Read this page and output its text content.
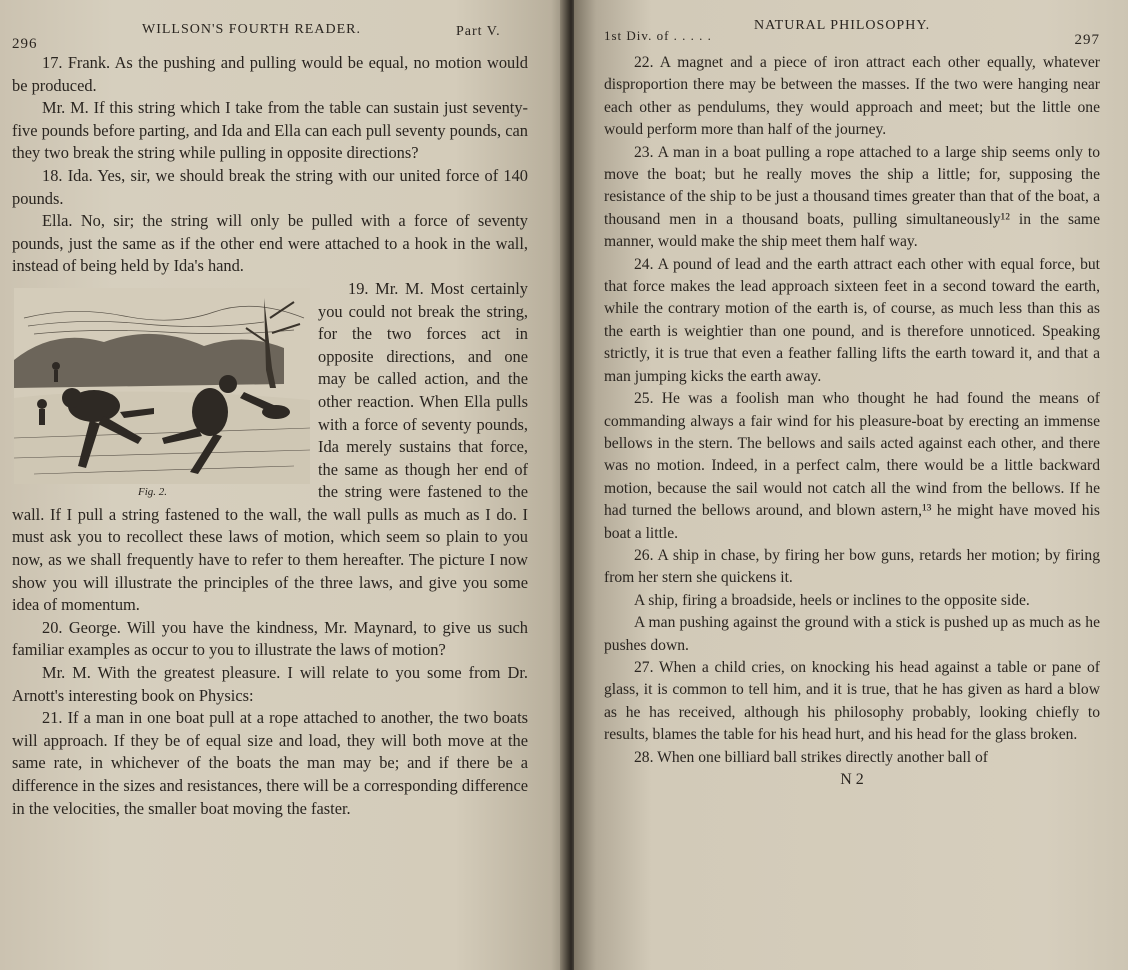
296
WILLSON'S FOURTH READER.	Part V.

17. Frank. As the pushing and pulling would be equal, no motion would be produced.

Mr. M. If this string which I take from the table can sustain just seventy-five pounds before parting, and Ida and Ella can each pull seventy pounds, can they two break the string while pulling in opposite directions?

18. Ida. Yes, sir, we should break the string with our united force of 140 pounds.

Ella. No, sir; the string will only be pulled with a force of seventy pounds, just the same as if the other end were attached to a hook in the wall, instead of being held by Ida's hand.

Fig. 2.

19. Mr. M. Most certainly you could not break the string, for the two forces act in opposite directions, and one may be called action, and the other reaction. When Ella pulls with a force of seventy pounds, Ida merely sustains that force, the same as though her end of the string were fastened to the wall. If I pull a string fastened to the wall, the wall pulls as much as I do. I must ask you to recollect these laws of motion, which seem so plain to you now, as we shall frequently have to refer to them hereafter. The picture I now show you will illustrate the principles of the three laws, and give you some idea of momentum.

20. George. Will you have the kindness, Mr. Maynard, to give us such familiar examples as occur to you to illustrate the laws of motion?

Mr. M. With the greatest pleasure. I will relate to you some from Dr. Arnott's interesting book on Physics:

21. If a man in one boat pull at a rope attached to another, the two boats will approach. If they be of equal size and load, they will both move at the same rate, in whichever of the boats the man may be; and if there be a difference in the sizes and resistances, there will be a corresponding difference in the velocities, the smaller boat moving the faster.

1st Div. of . . . . .
NATURAL PHILOSOPHY.
297

22. A magnet and a piece of iron attract each other equally, whatever disproportion there may be between the masses. If the two were hanging near each other as pendulums, they would approach and meet; but the little one would perform more than half of the journey.

23. A man in a boat pulling a rope attached to a large ship seems only to move the boat; but he really moves the ship a little; for, supposing the resistance of the ship to be just a thousand times greater than that of the boat, a thousand men in a thousand boats, pulling simultaneously¹² in the same manner, would make the ship meet them half way.

24. A pound of lead and the earth attract each other with equal force, but that force makes the lead approach sixteen feet in a second toward the earth, while the contrary motion of the earth is, of course, as much less than this as the earth is weightier than one pound, and is therefore unnoticed. Speaking strictly, it is true that even a feather falling lifts the earth toward it, and that a man jumping kicks the earth away.

25. He was a foolish man who thought he had found the means of commanding always a fair wind for his pleasure-boat by erecting an immense bellows in the stern. The bellows and sails acted against each other, and there was no motion. Indeed, in a perfect calm, there would be a little backward motion, because the sail would not catch all the wind from the bellows. If he had turned the bellows around, and blown astern,¹³ he might have moved his boat a little.

26. A ship in chase, by firing her bow guns, retards her motion; by firing from her stern she quickens it.

A ship, firing a broadside, heels or inclines to the opposite side.

A man pushing against the ground with a stick is pushed up as much as he pushes down.

27. When a child cries, on knocking his head against a table or pane of glass, it is common to tell him, and it is true, that he has given as hard a blow as he has received, although his philosophy probably, looking chiefly to results, blames the table for his head hurt, and his head for the glass broken.

28. When one billiard ball strikes directly another ball of

N 2
